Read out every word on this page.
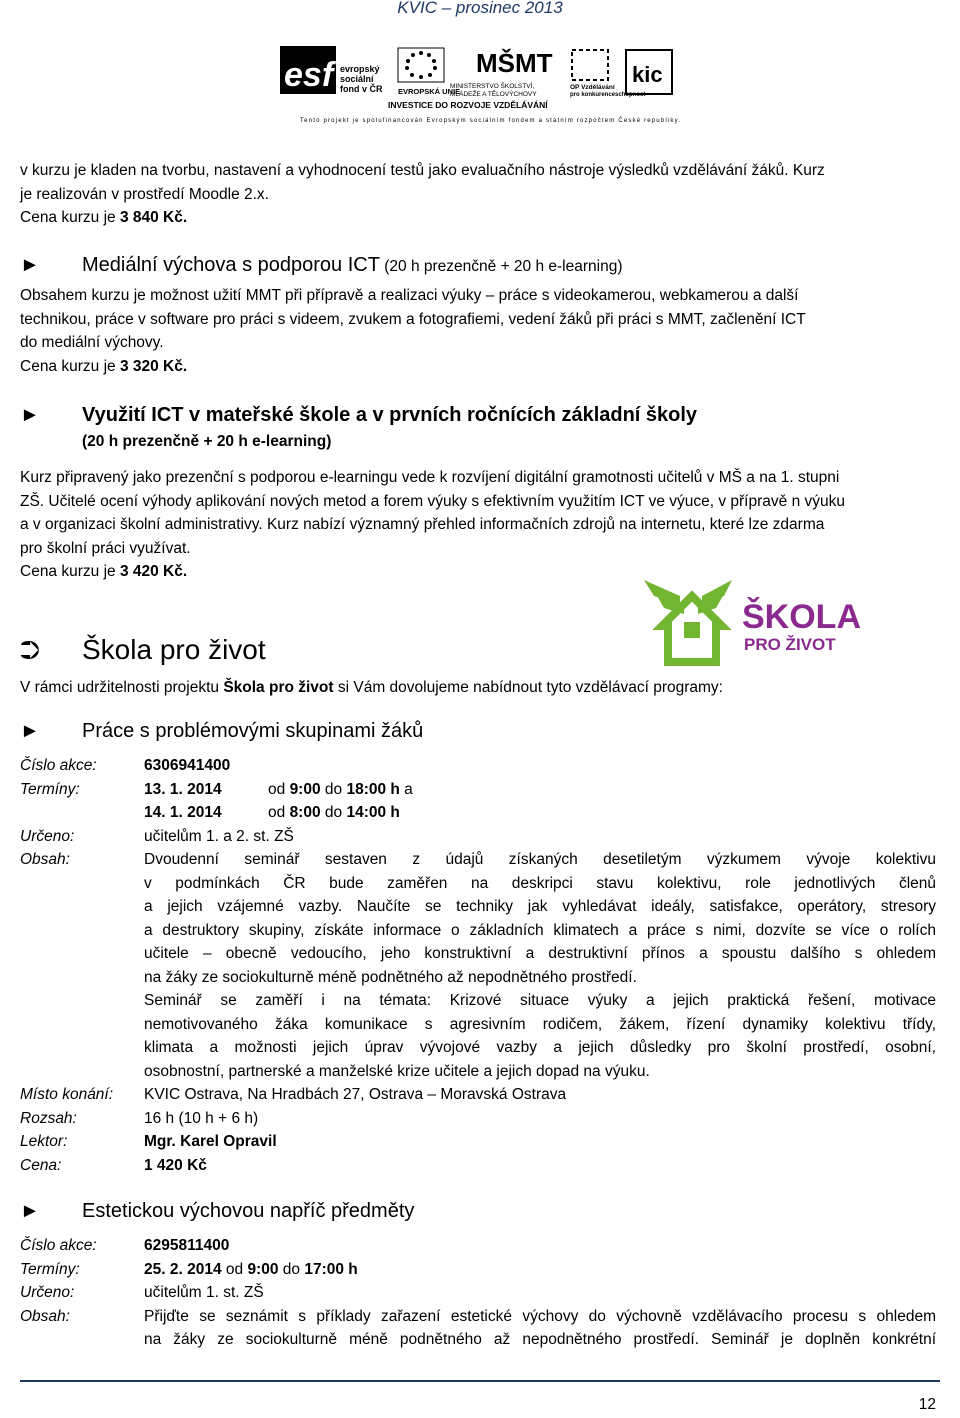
KVIC – prosinec 2013
esf evropský
sociální
fond v ČR EVROPSKÁ UNIE
MŠMT
MINISTERSTVO ŠKOLSTVÍ,
MLÁDEŽE A TĚLOVÝCHOVY
OP Vzdělávání
pro konkurenceschopnost
kic
INVESTICE DO ROZVOJE VZDĚLÁVÁNÍ
Tento projekt je spolufinancován Evropským sociálním fondem a státním rozpočtem České republiky.
v kurzu je kladen na tvorbu, nastavení a vyhodnocení testů jako evaluačního nástroje výsledků vzdělávání žáků. Kurz
je realizován v prostředí Moodle 2.x.
Cena kurzu je 3 840 Kč.
► Mediální výchova s podporou ICT (20 h prezenčně + 20 h e-learning)
Obsahem kurzu je možnost užití MMT při přípravě a realizaci výuky – práce s videokamerou, webkamerou a další
technikou, práce v software pro práci s videem, zvukem a fotografiemi, vedení žáků při práci s MMT, začlenění ICT
do mediální výchovy.
Cena kurzu je 3 320 Kč.
► Využití ICT v mateřské škole a v prvních ročnících základní školy
(20 h prezenčně + 20 h e-learning)
Kurz připravený jako prezenční s podporou e-learningu vede k rozvíjení digitální gramotnosti učitelů v MŠ a na 1. stupni
ZŠ. Učitelé ocení výhody aplikování nových metod a forem výuky s efektivním využitím ICT ve výuce, v přípravě n výuku
a v organizaci školní administrativy. Kurz nabízí významný přehled informačních zdrojů na internetu, které lze zdarma
pro školní práci využívat.
Cena kurzu je 3 420 Kč.
ŠKOLA
PRO ŽIVOT
⮊ Škola pro život
V rámci udržitelnosti projektu Škola pro život si Vám dovolujeme nabídnout tyto vzdělávací programy:
► Práce s problémovými skupinami žáků
Číslo akce:	6306941400
Termíny:	13. 1. 2014	od 9:00 do 18:00 h a
14. 1. 2014	od 8:00 do 14:00 h
Určeno:	učitelům 1. a 2. st. ZŠ
Obsah:	Dvoudenní seminář sestaven z údajů získaných desetiletým výzkumem vývoje kolektivu
v podmínkách ČR bude zaměřen na deskripci stavu kolektivu, role jednotlivých členů
a jejich vzájemné vazby. Naučíte se techniky jak vyhledávat ideály, satisfakce, operátory, stresory
a destruktory skupiny, získáte informace o základních klimatech a práce s nimi, dozvíte se více o rolích
učitele – obecně vedoucího, jeho konstruktivní a destruktivní přínos a spoustu dalšího s ohledem
na žáky ze sociokulturně méně podnětného až nepodnětného prostředí.
Seminář se zaměří i na témata: Krizové situace výuky a jejich praktická řešení, motivace
nemotivovaného žáka komunikace s agresivním rodičem, žákem, řízení dynamiky kolektivu třídy,
klimata a možnosti jejich úprav vývojové vazby a jejich důsledky pro školní prostředí, osobní,
osobnostní, partnerské a manželské krize učitele a jejich dopad na výuku.
Místo konání: KVIC Ostrava, Na Hradbách 27, Ostrava – Moravská Ostrava
Rozsah:	16 h (10 h + 6 h)
Lektor:	Mgr. Karel Opravil
Cena:	1 420 Kč
► Estetickou výchovou napříč předměty
Číslo akce:	6295811400
Termíny:	25. 2. 2014 od 9:00 do 17:00 h
Určeno:	učitelům 1. st. ZŠ
Obsah:	Přijďte se seznámit s příklady zařazení estetické výchovy do výchovně vzdělávacího procesu s ohledem
na žáky ze sociokulturně méně podnětného až nepodnětného prostředí. Seminář je doplněn konkrétní
12
